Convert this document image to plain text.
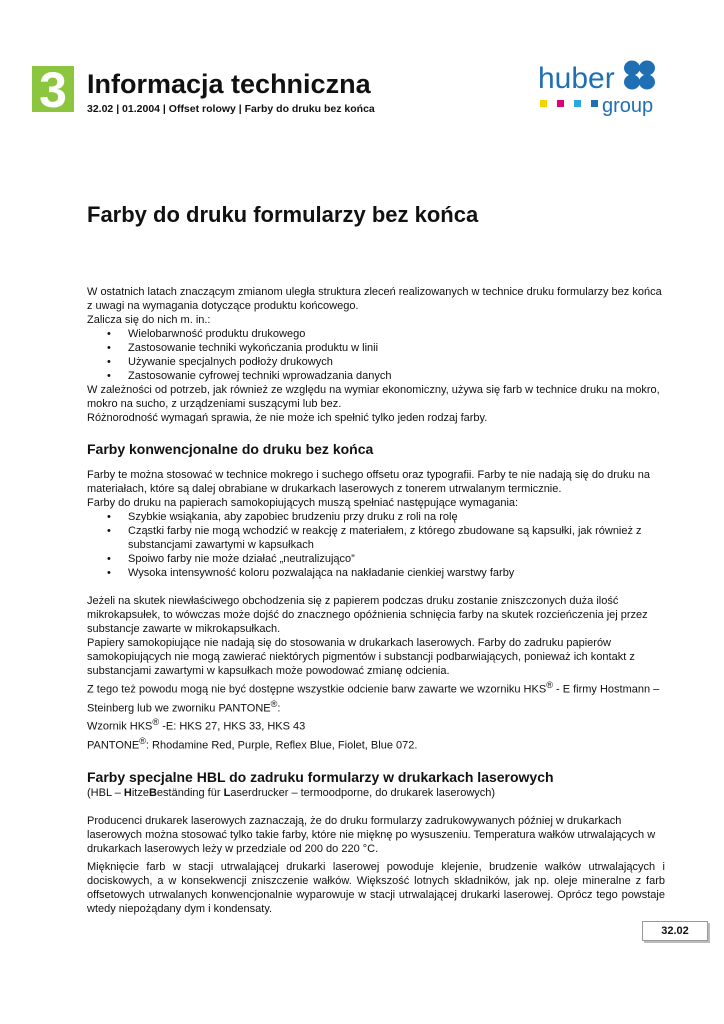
3 Informacja techniczna
32.02 | 01.2004 | Offset rolowy | Farby do druku bez końca
huber
group
Farby do druku formularzy bez końca

W ostatnich latach znaczącym zmianom uległa struktura zleceń realizowanych w technice druku formularzy bez końca z uwagi na wymagania dotyczące produktu końcowego.

Zalicza się do nich m. in.:

• Wielobarwność produktu drukowego
• Zastosowanie techniki wykończania produktu w linii
• Używanie specjalnych podłoży drukowych
• Zastosowanie cyfrowej techniki wprowadzania danych

W zależności od potrzeb, jak również ze względu na wymiar ekonomiczny, używa się farb w technice druku na mokro, mokro na sucho, z urządzeniami suszącymi lub bez.

Różnorodność wymagań sprawia, że nie może ich spełnić tylko jeden rodzaj farby.

Farby konwencjonalne do druku bez końca

Farby te można stosować w technice mokrego i suchego offsetu oraz typografii. Farby te nie nadają się do druku na materiałach, które są dalej obrabiane w drukarkach laserowych z tonerem utrwalanym termicznie.

Farby do druku na papierach samokopiujących muszą spełniać następujące wymagania:

• Szybkie wsiąkania, aby zapobiec brudzeniu przy druku z roli na rolę
• Cząstki farby nie mogą wchodzić w reakcję z materiałem, z którego zbudowane są kapsułki, jak również z substancjami zawartymi w kapsułkach
• Spoiwo farby nie może działać „neutralizująco”
• Wysoka intensywność koloru pozwalająca na nakładanie cienkiej warstwy farby

Jeżeli na skutek niewłaściwego obchodzenia się z papierem podczas druku zostanie zniszczonych duża ilość mikrokapsułek, to wówczas może dojść do znacznego opóźnienia schnięcia farby na skutek rozcieńczenia jej przez substancje zawarte w mikrokapsułkach.

Papiery samokopiujące nie nadają się do stosowania w drukarkach laserowych. Farby do zadruku papierów samokopiujących nie mogą zawierać niektórych pigmentów i substancji podbarwiających, ponieważ ich kontakt z substancjami zawartymi w kapsułkach może powodować zmianę odcienia.

Z tego też powodu mogą nie być dostępne wszystkie odcienie barw zawarte we wzorniku HKS® - E firmy Hostmann – Steinberg lub we zworniku PANTONE®:

Wzornik HKS® -E: HKS 27, HKS 33, HKS 43

PANTONE®: Rhodamine Red, Purple, Reflex Blue, Fiolet, Blue 072.

Farby specjalne HBL do zadruku formularzy w drukarkach laserowych

(HBL – HitzeBeständing für Laserdrucker – termoodporne, do drukarek laserowych)

Producenci drukarek laserowych zaznaczają, że do druku formularzy zadrukowywanych później w drukarkach laserowych można stosować tylko takie farby, które nie mięknę po wysuszeniu. Temperatura wałków utrwalających w drukarkach laserowych leży w przedziale od 200 do 220 °C.

Mięknięcie farb w stacji utrwalającej drukarki laserowej powoduje klejenie, brudzenie wałków utrwalających i dociskowych, a w konsekwencji zniszczenie wałków. Większość lotnych składników, jak np. oleje mineralne z farb offsetowych utrwalanych konwencjonalnie wyparowuje w stacji utrwalającej drukarki laserowej. Oprócz tego powstaje wtedy niepożądany dym i kondensaty.

32.02
